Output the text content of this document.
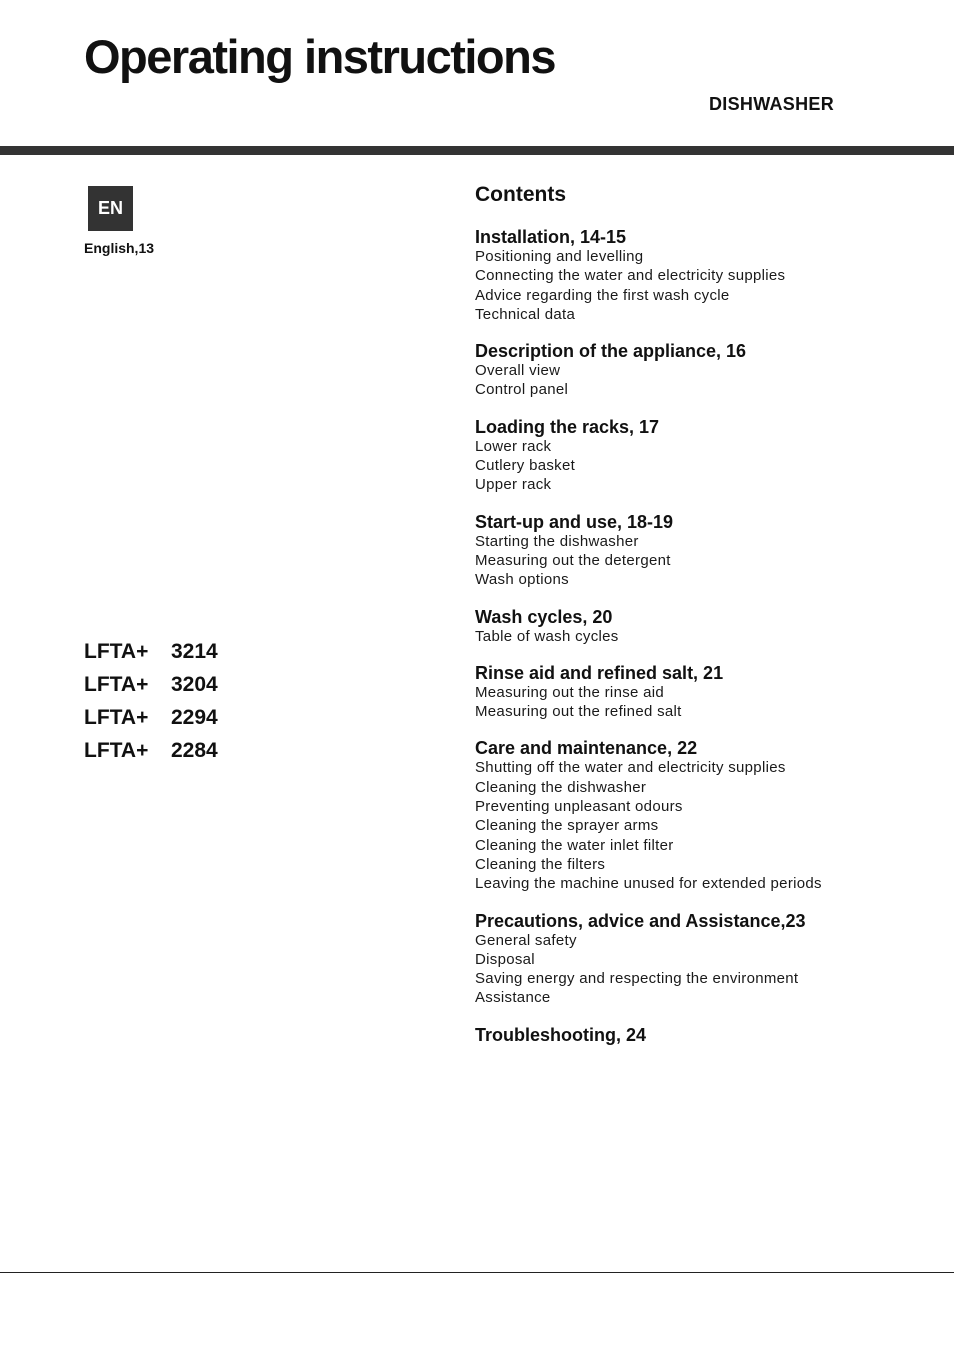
Operating instructions
DISHWASHER
EN
English,13
LFTA+	3214
LFTA+	3204
LFTA+	2294
LFTA+	2284
Contents
Installation, 14-15
Positioning and levelling
Connecting the water and electricity supplies
Advice regarding the first wash cycle
Technical data
Description of the appliance, 16
Overall view
Control panel
Loading the racks, 17
Lower rack
Cutlery basket
Upper rack
Start-up and use, 18-19
Starting the dishwasher
Measuring out the detergent
Wash options
Wash cycles, 20
Table of wash cycles
Rinse aid and refined salt, 21
Measuring out the rinse aid
Measuring out the refined salt
Care and maintenance, 22
Shutting off the water and electricity supplies
Cleaning the dishwasher
Preventing unpleasant odours
Cleaning the sprayer arms
Cleaning the water inlet filter
Cleaning the filters
Leaving the machine unused for extended periods
Precautions, advice and Assistance,23
General safety
Disposal
Saving energy and respecting the environment
Assistance
Troubleshooting, 24
